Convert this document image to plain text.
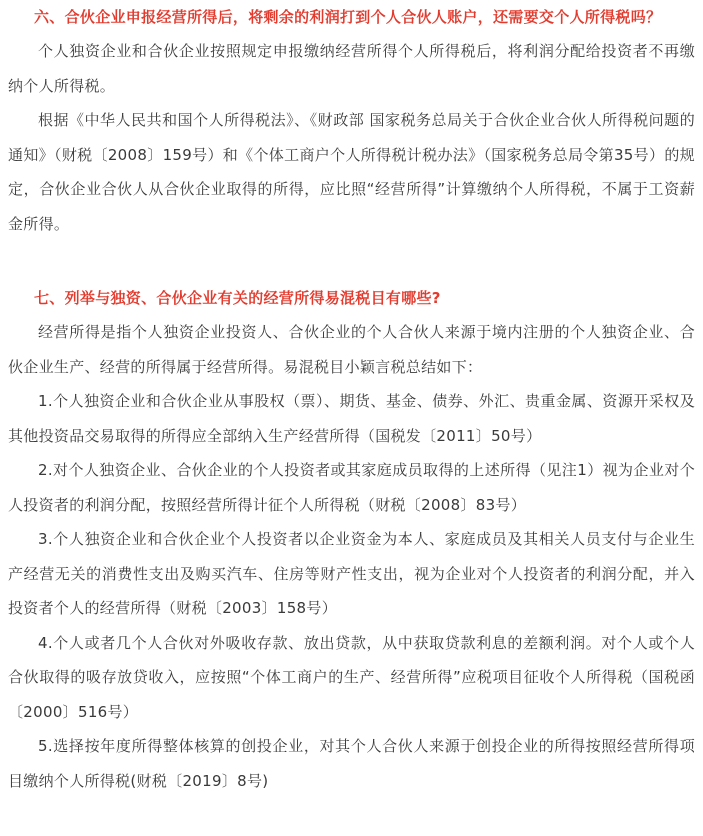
六、合伙企业申报经营所得后，将剩余的利润打到个人合伙人账户，还需要交个人所得税吗？

个人独资企业和合伙企业按照规定申报缴纳经营所得个人所得税后，将利润分配给投资者不再缴纳个人所得税。

根据《中华人民共和国个人所得税法》、《财政部 国家税务总局关于合伙企业合伙人所得税问题的通知》（财税〔2008〕159号）和《个体工商户个人所得税计税办法》（国家税务总局令第35号）的规定，合伙企业合伙人从合伙企业取得的所得，应比照“经营所得”计算缴纳个人所得税，不属于工资薪金所得。

七、列举与独资、合伙企业有关的经营所得易混税目有哪些?

经营所得是指个人独资企业投资人、合伙企业的个人合伙人来源于境内注册的个人独资企业、合伙企业生产、经营的所得属于经营所得。易混税目小颖言税总结如下：

1.个人独资企业和合伙企业从事股权（票）、期货、基金、债券、外汇、贵重金属、资源开采权及其他投资品交易取得的所得应全部纳入生产经营所得（国税发〔2011〕50号）

2.对个人独资企业、合伙企业的个人投资者或其家庭成员取得的上述所得（见注1）视为企业对个人投资者的利润分配，按照经营所得计征个人所得税（财税〔2008〕83号）

3.个人独资企业和合伙企业个人投资者以企业资金为本人、家庭成员及其相关人员支付与企业生产经营无关的消费性支出及购买汽车、住房等财产性支出，视为企业对个人投资者的利润分配，并入投资者个人的经营所得（财税〔2003〕158号）

4.个人或者几个人合伙对外吸收存款、放出贷款，从中获取贷款利息的差额利润。对个人或个人合伙取得的吸存放贷收入，应按照“个体工商户的生产、经营所得”应税项目征收个人所得税（国税函〔2000〕516号）

5.选择按年度所得整体核算的创投企业，对其个人合伙人来源于创投企业的所得按照经营所得项目缴纳个人所得税(财税〔2019〕8号)
